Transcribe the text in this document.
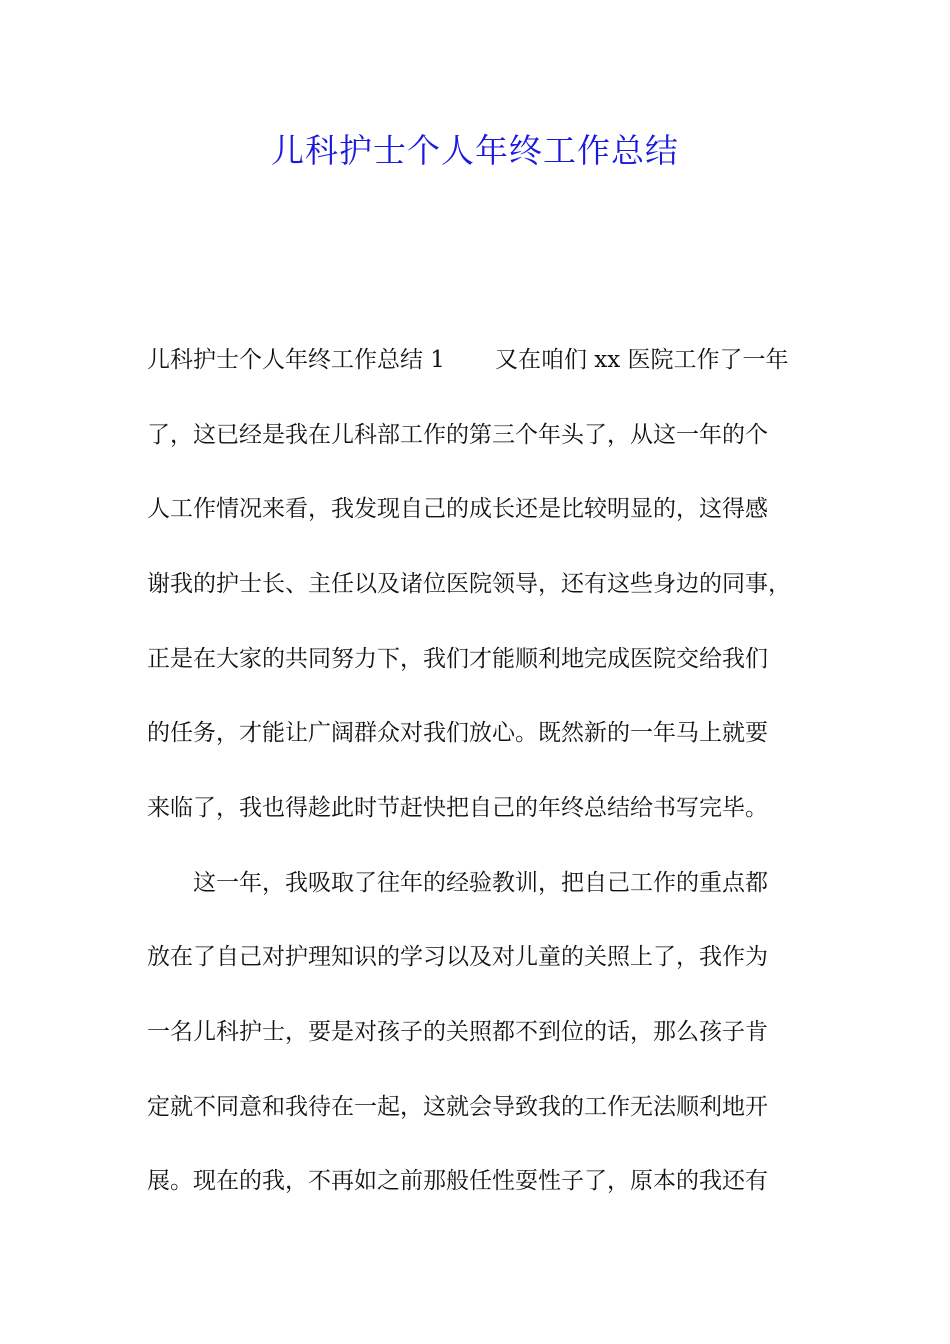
儿科护士个人年终工作总结
儿科护士个人年终工作总结 1 又在咱们 xx 医院工作了一年
了，这已经是我在儿科部工作的第三个年头了，从这一年的个
人工作情况来看，我发现自己的成长还是比较明显的，这得感
谢我的护士长、主任以及诸位医院领导，还有这些身边的同事，
正是在大家的共同努力下，我们才能顺利地完成医院交给我们
的任务，才能让广阔群众对我们放心。既然新的一年马上就要
来临了，我也得趁此时节赶快把自己的年终总结给书写完毕。
这一年，我吸取了往年的经验教训，把自己工作的重点都
放在了自己对护理知识的学习以及对儿童的关照上了，我作为
一名儿科护士，要是对孩子的关照都不到位的话，那么孩子肯
定就不同意和我待在一起，这就会导致我的工作无法顺利地开
展。现在的我，不再如之前那般任性耍性子了，原本的我还有
